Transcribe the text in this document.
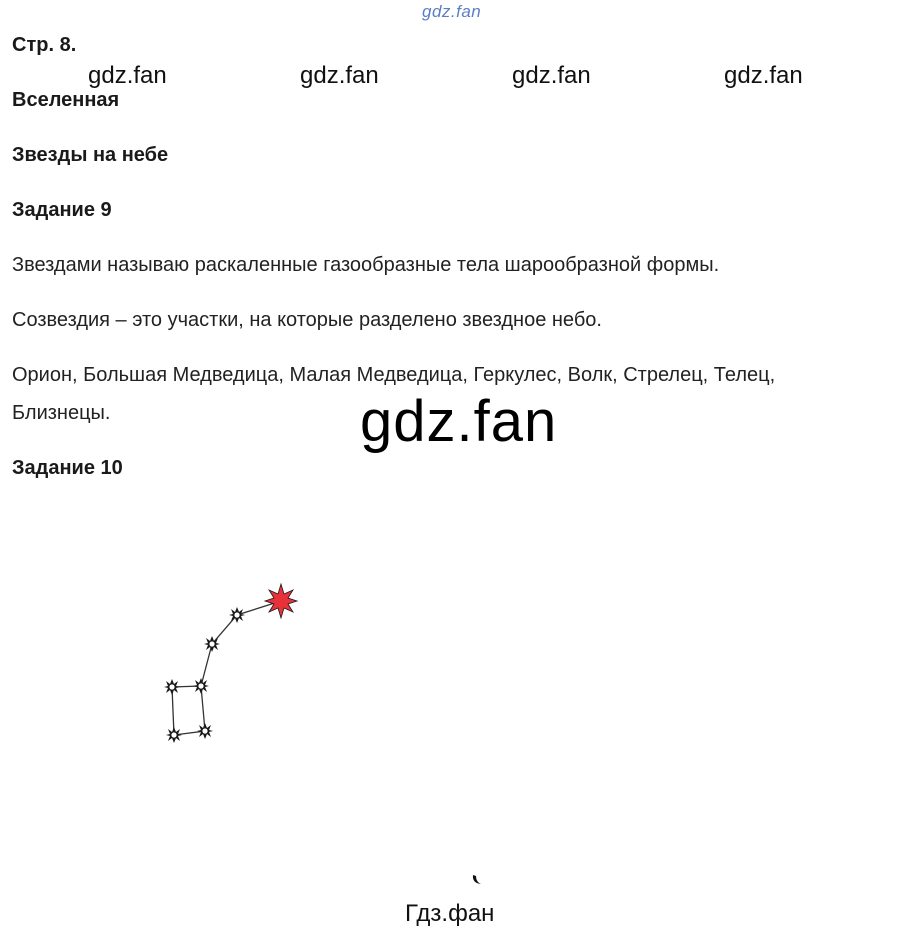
gdz.fan
gdz.fan	gdz.fan	gdz.fan	gdz.fan
Стр. 8.
Вселенная
Звезды на небе
Задание 9
Звездами называю раскаленные газообразные тела шарообразной формы.
Созвездия – это участки, на которые разделено звездное небо.
Орион, Большая Медведица, Малая Медведица, Геркулес, Волк, Стрелец, Телец,
Близнецы.	gdz.fan
Задание 10
Гдз.фан
